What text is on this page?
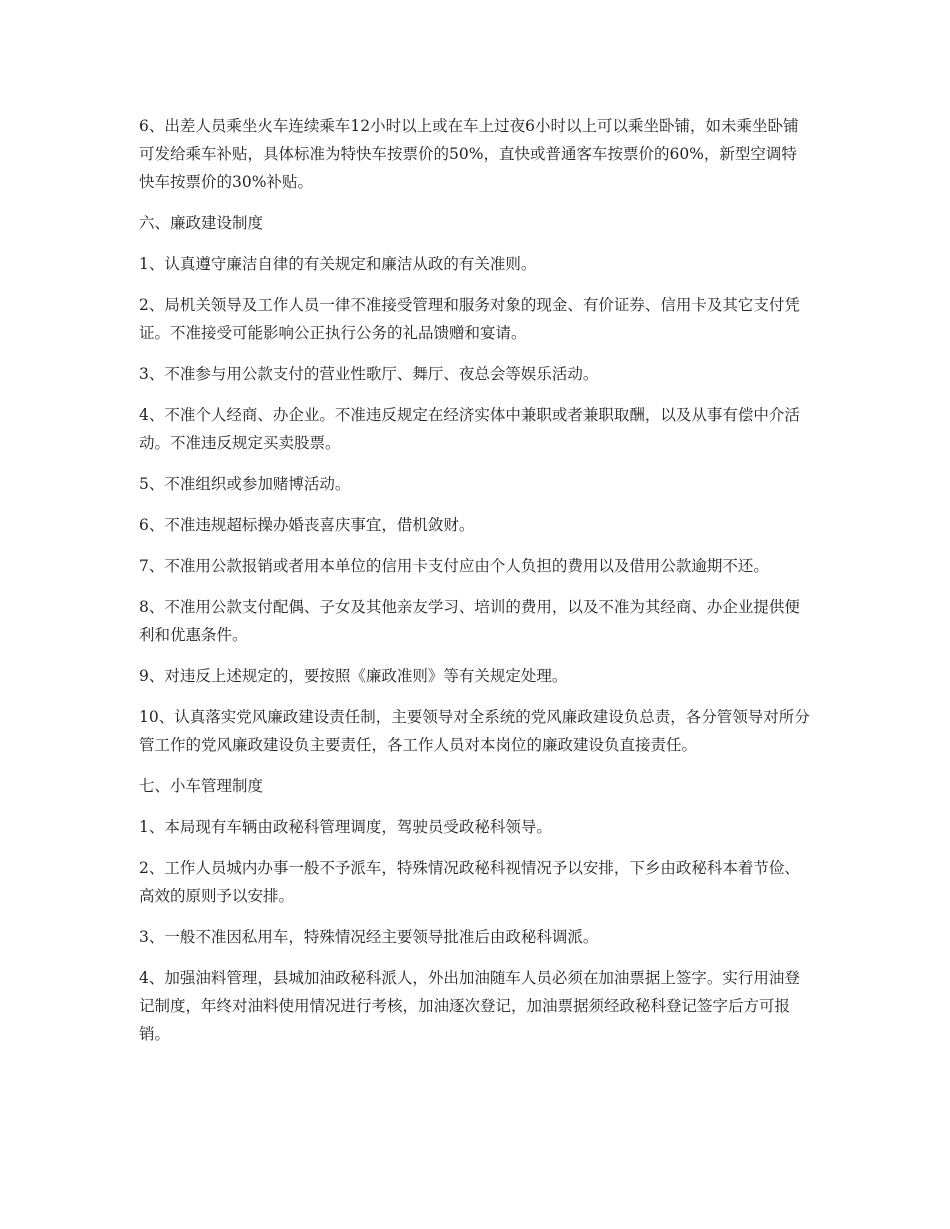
6、出差人员乘坐火车连续乘车12小时以上或在车上过夜6小时以上可以乘坐卧铺，如未乘坐卧铺可发给乘车补贴，具体标准为特快车按票价的50%，直快或普通客车按票价的60%，新型空调特快车按票价的30%补贴。

六、廉政建设制度

1、认真遵守廉洁自律的有关规定和廉洁从政的有关准则。

2、局机关领导及工作人员一律不准接受管理和服务对象的现金、有价证券、信用卡及其它支付凭证。不准接受可能影响公正执行公务的礼品馈赠和宴请。

3、不准参与用公款支付的营业性歌厅、舞厅、夜总会等娱乐活动。

4、不准个人经商、办企业。不准违反规定在经济实体中兼职或者兼职取酬，以及从事有偿中介活动。不准违反规定买卖股票。

5、不准组织或参加赌博活动。

6、不准违规超标操办婚丧喜庆事宜，借机敛财。

7、不准用公款报销或者用本单位的信用卡支付应由个人负担的费用以及借用公款逾期不还。

8、不准用公款支付配偶、子女及其他亲友学习、培训的费用，以及不准为其经商、办企业提供便利和优惠条件。

9、对违反上述规定的，要按照《廉政准则》等有关规定处理。

10、认真落实党风廉政建设责任制，主要领导对全系统的党风廉政建设负总责，各分管领导对所分管工作的党风廉政建设负主要责任，各工作人员对本岗位的廉政建设负直接责任。

七、小车管理制度

1、本局现有车辆由政秘科管理调度，驾驶员受政秘科领导。

2、工作人员城内办事一般不予派车，特殊情况政秘科视情况予以安排，下乡由政秘科本着节俭、高效的原则予以安排。

3、一般不准因私用车，特殊情况经主要领导批准后由政秘科调派。

4、加强油料管理，县城加油政秘科派人，外出加油随车人员必须在加油票据上签字。实行用油登记制度，年终对油料使用情况进行考核，加油逐次登记，加油票据须经政秘科登记签字后方可报销。
